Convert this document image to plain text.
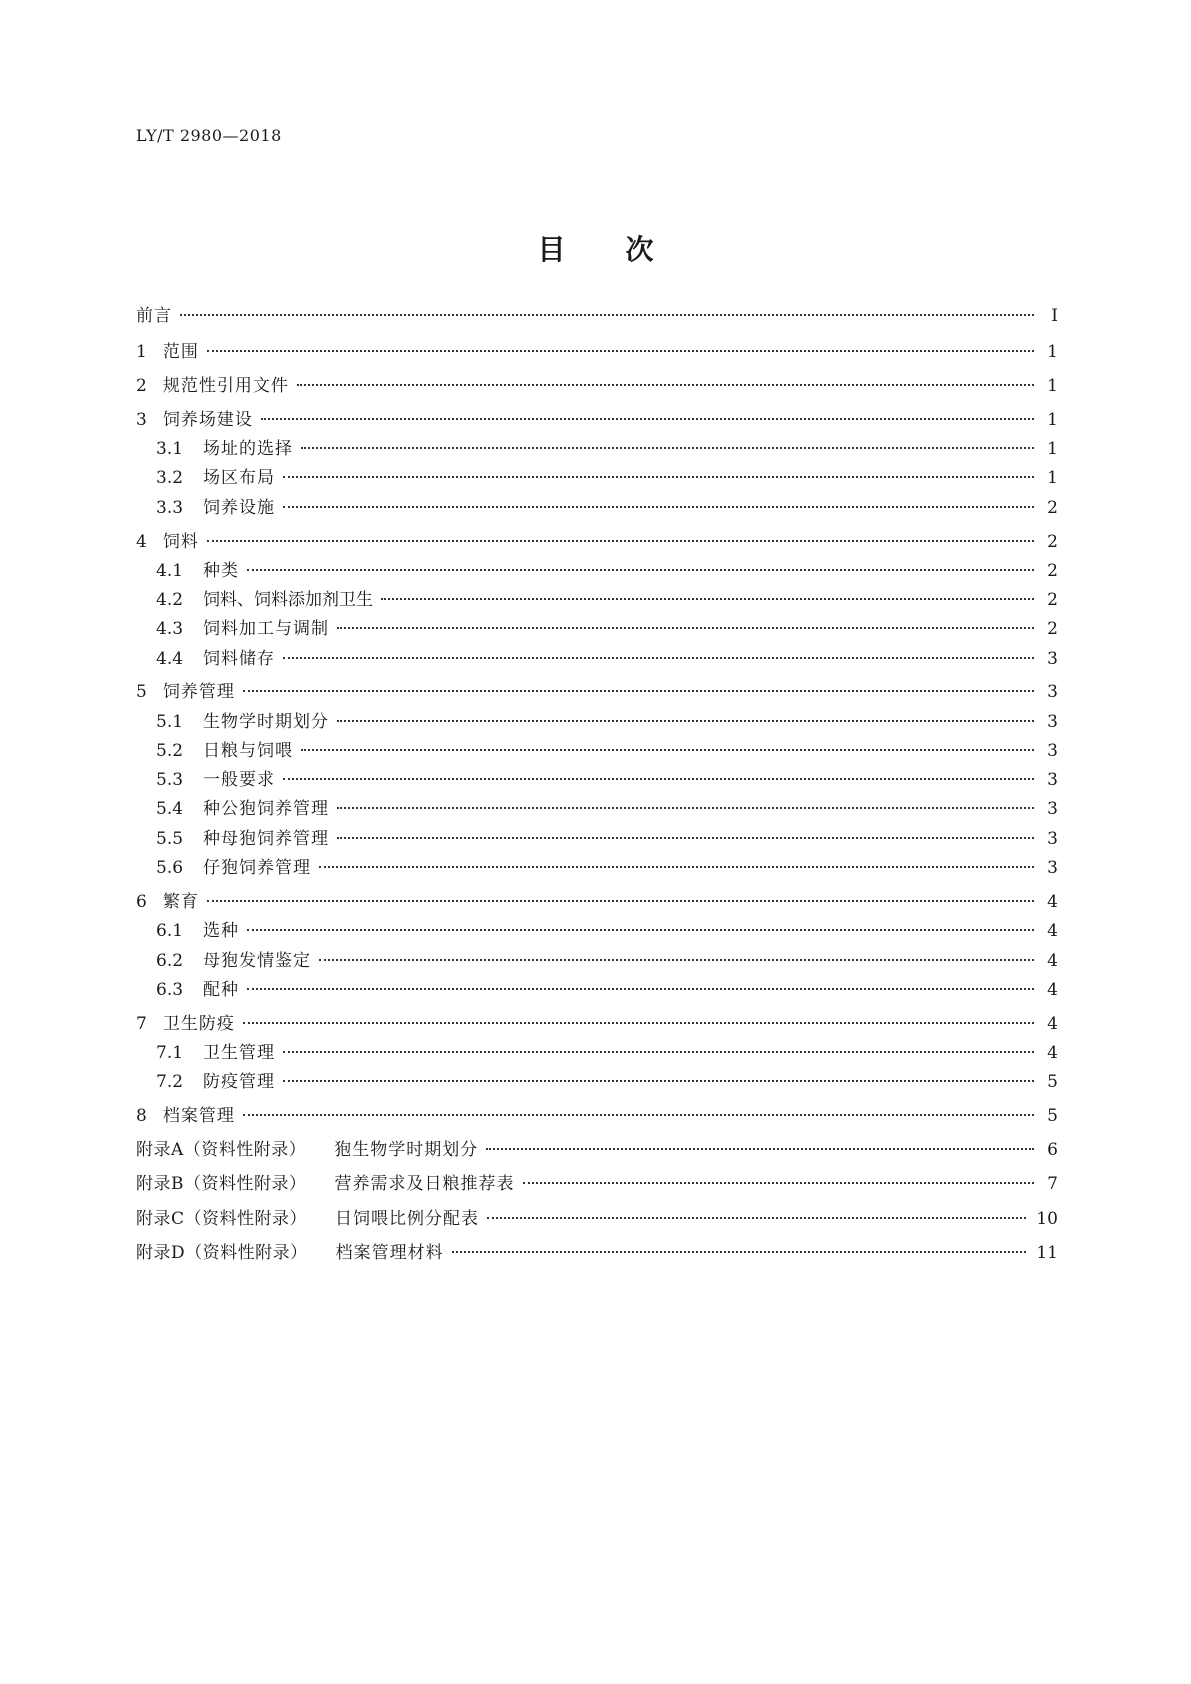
LY/T 2980—2018
目次
前言	Ⅰ
1 范围	1
2 规范性引用文件	1
3 饲养场建设	1
3.1 场址的选择	1
3.2 场区布局	1
3.3 饲养设施	2
4 饲料	2
4.1 种类	2
4.2 饲料、饲料添加剂卫生	2
4.3 饲料加工与调制	2
4.4 饲料储存	3
5 饲养管理	3
5.1 生物学时期划分	3
5.2 日粮与饲喂	3
5.3 一般要求	3
5.4 种公狍饲养管理	3
5.5 种母狍饲养管理	3
5.6 仔狍饲养管理	3
6 繁育	4
6.1 选种	4
6.2 母狍发情鉴定	4
6.3 配种	4
7 卫生防疫	4
7.1 卫生管理	4
7.2 防疫管理	5
8 档案管理	5
附录A（资料性附录） 狍生物学时期划分	6
附录B（资料性附录） 营养需求及日粮推荐表	7
附录C（资料性附录） 日饲喂比例分配表	10
附录D（资料性附录） 档案管理材料	11
